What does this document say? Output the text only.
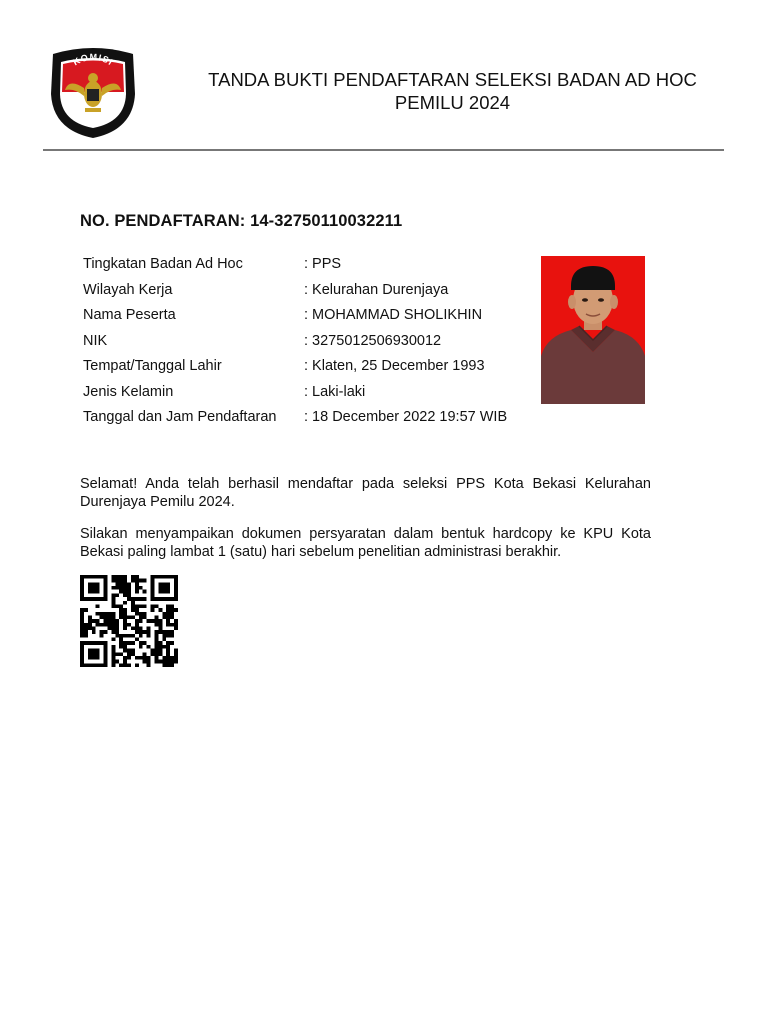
KOMISI
PEMILIHAN UMUM
TANDA BUKTI PENDAFTARAN SELEKSI BADAN AD HOC
PEMILU 2024
NO. PENDAFTARAN: 14-32750110032211
Tingkatan Badan Ad Hoc	: PPS
Wilayah Kerja	: Kelurahan Durenjaya
Nama Peserta	: MOHAMMAD SHOLIKHIN
NIK	: 3275012506930012
Tempat/Tanggal Lahir	: Klaten, 25 December 1993
Jenis Kelamin	: Laki-laki
Tanggal dan Jam Pendaftaran : 18 December 2022 19:57 WIB

Selamat! Anda telah berhasil mendaftar pada seleksi PPS Kota Bekasi Kelurahan Durenjaya Pemilu 2024.

Silakan menyampaikan dokumen persyaratan dalam bentuk hardcopy ke KPU Kota Bekasi paling lambat 1 (satu) hari sebelum penelitian administrasi berakhir.
